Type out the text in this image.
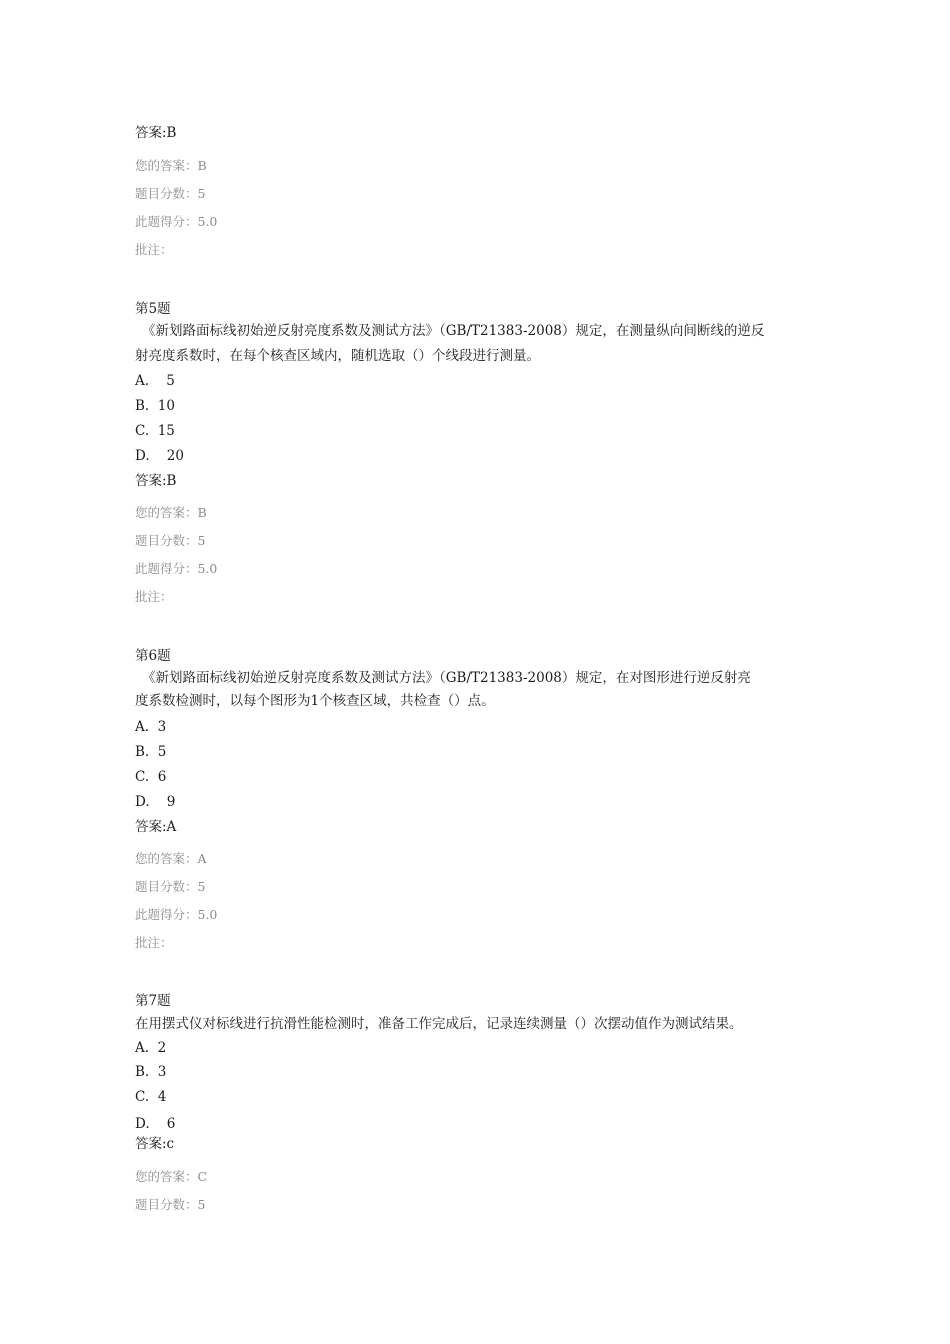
答案:B
您的答案：B
题目分数：5
此题得分：5.0
批注：
第5题
《新划路面标线初始逆反射亮度系数及测试方法》（GB/T21383-2008）规定，在测量纵向间断线的逆反
射亮度系数时，在每个核查区域内，随机选取（）个线段进行测量。
A.    5
B.  10
C.  15
D.    20
答案:B
您的答案：B
题目分数：5
此题得分：5.0
批注：
第6题
《新划路面标线初始逆反射亮度系数及测试方法》（GB/T21383-2008）规定，在对图形进行逆反射亮
度系数检测时，以每个图形为1个核查区域，共检查（）点。
A.  3
B.  5
C.  6
D.    9
答案:A
您的答案：A
题目分数：5
此题得分：5.0
批注：
第7题
在用摆式仪对标线进行抗滑性能检测时，准备工作完成后，记录连续测量（）次摆动值作为测试结果。
A.  2
B.  3
C.  4
D.    6
答案:c
您的答案：C
题目分数：5
